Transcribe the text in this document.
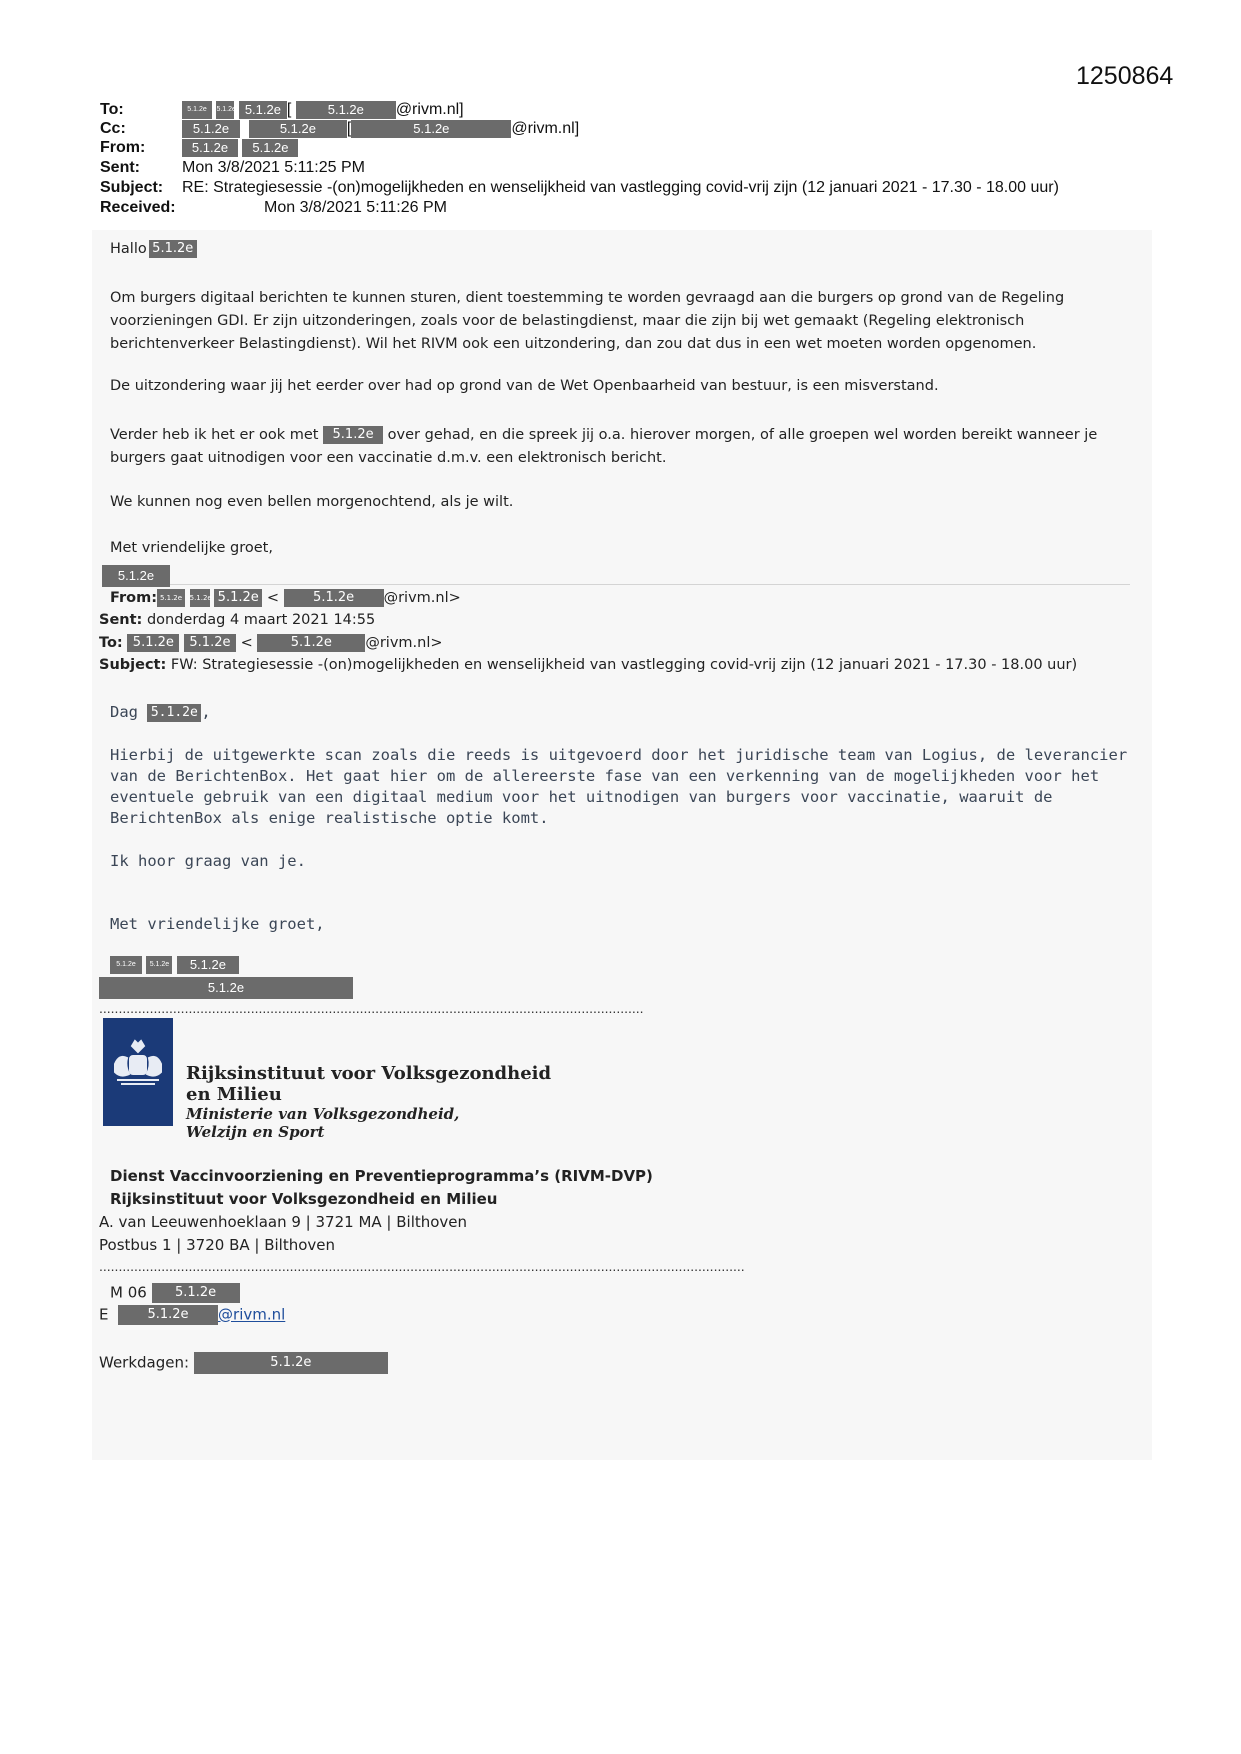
1250864
To:	5.1.2e 5.1.2e 5.1.2e [	5.1.2e @rivm.nl]
Cc:	5.1.2e	5.1.2e [	5.1.2e	@rivm.nl]
From:	5.1.2e 5.1.2e
Sent:	Mon 3/8/2021 5:11:25 PM
Subject: RE: Strategiesessie -(on)mogelijkheden en wenselijkheid van vastlegging covid-vrij zijn (12 januari 2021 - 17.30 - 18.00 uur)
Received:	Mon 3/8/2021 5:11:26 PM
Hallo 5.1.2e
Om burgers digitaal berichten te kunnen sturen, dient toestemming te worden gevraagd aan die burgers op grond van de Regeling voorzieningen GDI. Er zijn uitzonderingen, zoals voor de belastingdienst, maar die zijn bij wet gemaakt (Regeling elektronisch berichtenverkeer Belastingdienst). Wil het RIVM ook een uitzondering, dan zou dat dus in een wet moeten worden opgenomen.
De uitzondering waar jij het eerder over had op grond van de Wet Openbaarheid van bestuur, is een misverstand.
Verder heb ik het er ook met 5.1.2e over gehad, en die spreek jij o.a. hierover morgen, of alle groepen wel worden bereikt wanneer je burgers gaat uitnodigen voor een vaccinatie d.m.v. een elektronisch bericht.
We kunnen nog even bellen morgenochtend, als je wilt.
Met vriendelijke groet,
5.1.2e
From: 5.1.2e 5.1.2e 5.1.2e <	5.1.2e @rivm.nl>
Sent: donderdag 4 maart 2021 14:55
To: 5.1.2e 5.1.2e <	5.1.2e @rivm.nl>
Subject: FW: Strategiesessie -(on)mogelijkheden en wenselijkheid van vastlegging covid-vrij zijn (12 januari 2021 - 17.30 - 18.00 uur)
Dag 5.1.2e ,
Hierbij de uitgewerkte scan zoals die reeds is uitgevoerd door het juridische team van Logius, de leverancier van de BerichtenBox. Het gaat hier om de allereerste fase van een verkenning van de mogelijkheden voor het eventuele gebruik van een digitaal medium voor het uitnodigen van burgers voor vaccinatie, waaruit de BerichtenBox als enige realistische optie komt.
Ik hoor graag van je.
Met vriendelijke groet,
5.1.2e 5.1.2e 5.1.2e
5.1.2e
............................................................................................................................................
Rijksinstituut voor Volksgezondheid
en Milieu
Ministerie van Volksgezondheid,
Welzijn en Sport
Dienst Vaccinvoorziening en Preventieprogramma’s (RIVM-DVP)
Rijksinstituut voor Volksgezondheid en Milieu
A. van Leeuwenhoeklaan 9 | 3721 MA | Bilthoven
Postbus 1 | 3720 BA | Bilthoven
......................................................................................................................................................................
M 06 5.1.2e
E	5.1.2e @rivm.nl
Werkdagen:	5.1.2e
